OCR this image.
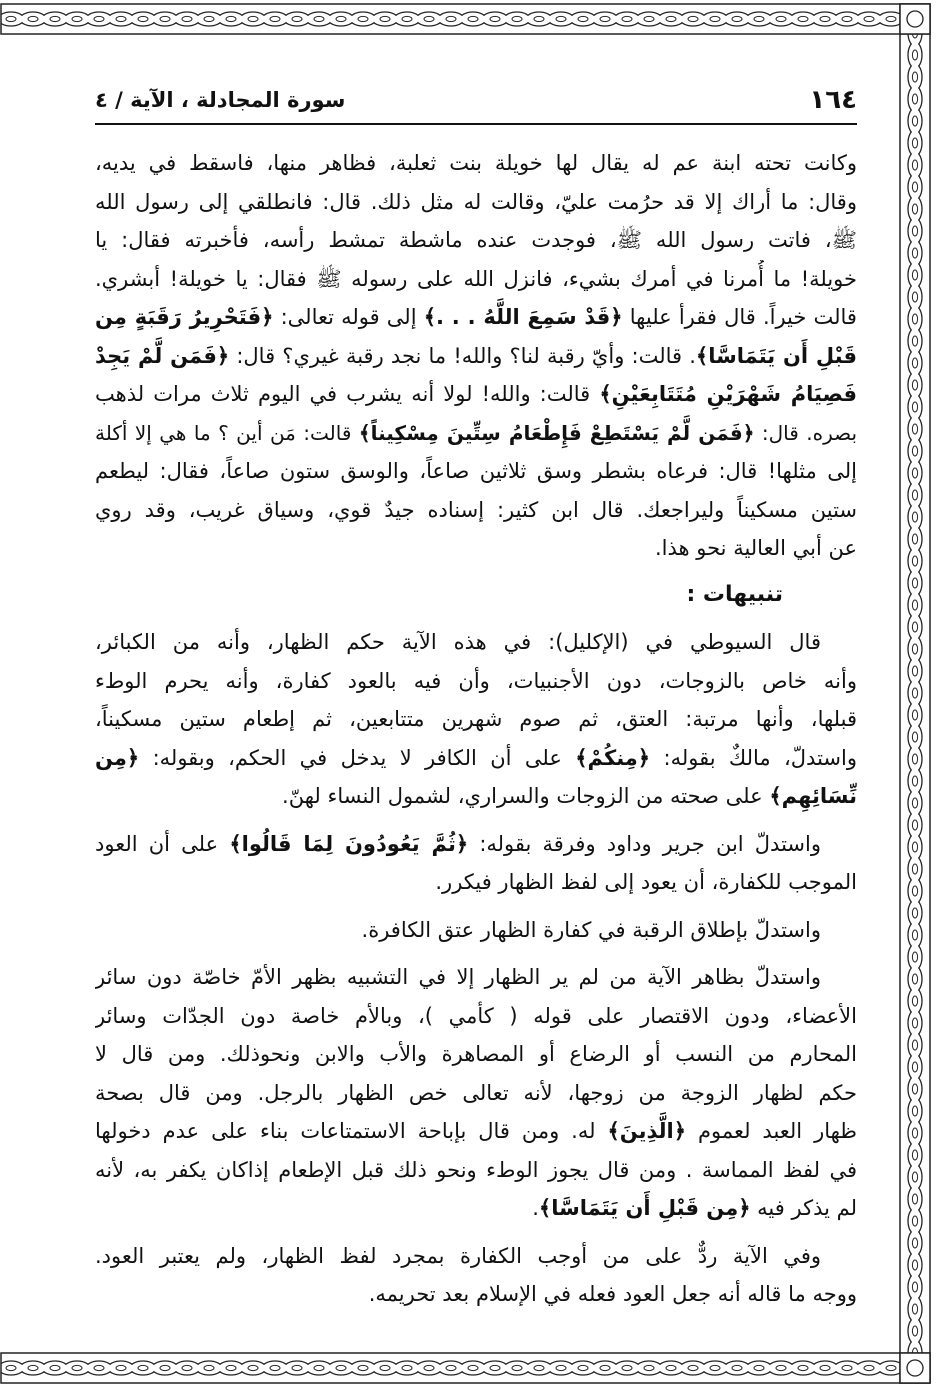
١٦٤
سورة المجادلة ، الآية / ٤
وكانت تحته ابنة عم له يقال لها خويلة بنت ثعلبة، فظاهر منها، فاسقط في يديه،
وقال: ما أراك إلا قد حرُمت عليّ، وقالت له مثل ذلك. قال: فانطلقي إلى رسول الله
ﷺ، فاتت رسول الله ﷺ، فوجدت عنده ماشطة تمشط رأسه، فأخبرته فقال: يا
خويلة! ما أُمرنا في أمرك بشيء، فانزل الله على رسوله ﷺ فقال: يا خويلة! أبشري.
قالت خيراً. قال فقرأ عليها ﴿قَدْ سَمِعَ اللَّهُ . . .﴾ إلى قوله تعالى: ﴿فَتَحْرِيرُ رَقَبَةٍ مِن
قَبْلِ أَن يَتَمَاسَّا﴾. قالت: وأيّ رقبة لنا؟ والله! ما نجد رقبة غيري؟ قال: ﴿فَمَن لَّمْ يَجِدْ
فَصِيَامُ شَهْرَيْنِ مُتَتَابِعَيْنِ﴾ قالت: والله! لولا أنه يشرب في اليوم ثلاث مرات لذهب
بصره. قال: ﴿فَمَن لَّمْ يَسْتَطِعْ فَإِطْعَامُ سِتِّينَ مِسْكِيناً﴾ قالت: مَن أين ؟ ما هي إلا أكلة
إلى مثلها! قال: فرعاه بشطر وسق ثلاثين صاعاً، والوسق ستون صاعاً، فقال: ليطعم
ستين مسكيناً وليراجعك. قال ابن كثير: إسناده جيدٌ قوي، وسياق غريب، وقد روي
عن أبي العالية نحو هذا.
تنبيهات :
قال السيوطي في (الإكليل): في هذه الآية حكم الظهار، وأنه من الكبائر،
وأنه خاص بالزوجات، دون الأجنبيات، وأن فيه بالعود كفارة، وأنه يحرم الوطء
قبلها، وأنها مرتبة: العتق، ثم صوم شهرين متتابعين، ثم إطعام ستين مسكيناً،
واستدلّ، مالكٌ بقوله: ﴿مِنكُمْ﴾ على أن الكافر لا يدخل في الحكم، وبقوله: ﴿مِن
نِّسَائِهِم﴾ على صحته من الزوجات والسراري، لشمول النساء لهنّ.
واستدلّ ابن جرير وداود وفرقة بقوله: ﴿ثُمَّ يَعُودُونَ لِمَا قَالُوا﴾ على أن العود
الموجب للكفارة، أن يعود إلى لفظ الظهار فيكرر.
واستدلّ بإطلاق الرقبة في كفارة الظهار عتق الكافرة.
واستدلّ بظاهر الآية من لم ير الظهار إلا في التشبيه بظهر الأمّ خاصّة دون سائر
الأعضاء، ودون الاقتصار على قوله ( كأمي )، وبالأم خاصة دون الجدّات وسائر
المحارم من النسب أو الرضاع أو المصاهرة والأب والابن ونحوذلك. ومن قال لا
حكم لظهار الزوجة من زوجها، لأنه تعالى خص الظهار بالرجل. ومن قال بصحة
ظهار العبد لعموم ﴿الَّذِينَ﴾ له. ومن قال بإباحة الاستمتاعات بناء على عدم دخولها
في لفظ المماسة . ومن قال يجوز الوطء ونحو ذلك قبل الإطعام إذاكان يكفر به، لأنه
لم يذكر فيه ﴿مِن قَبْلِ أَن يَتَمَاسَّا﴾.
وفي الآية ردٌّ على من أوجب الكفارة بمجرد لفظ الظهار، ولم يعتبر العود.
ووجه ما قاله أنه جعل العود فعله في الإسلام بعد تحريمه.
